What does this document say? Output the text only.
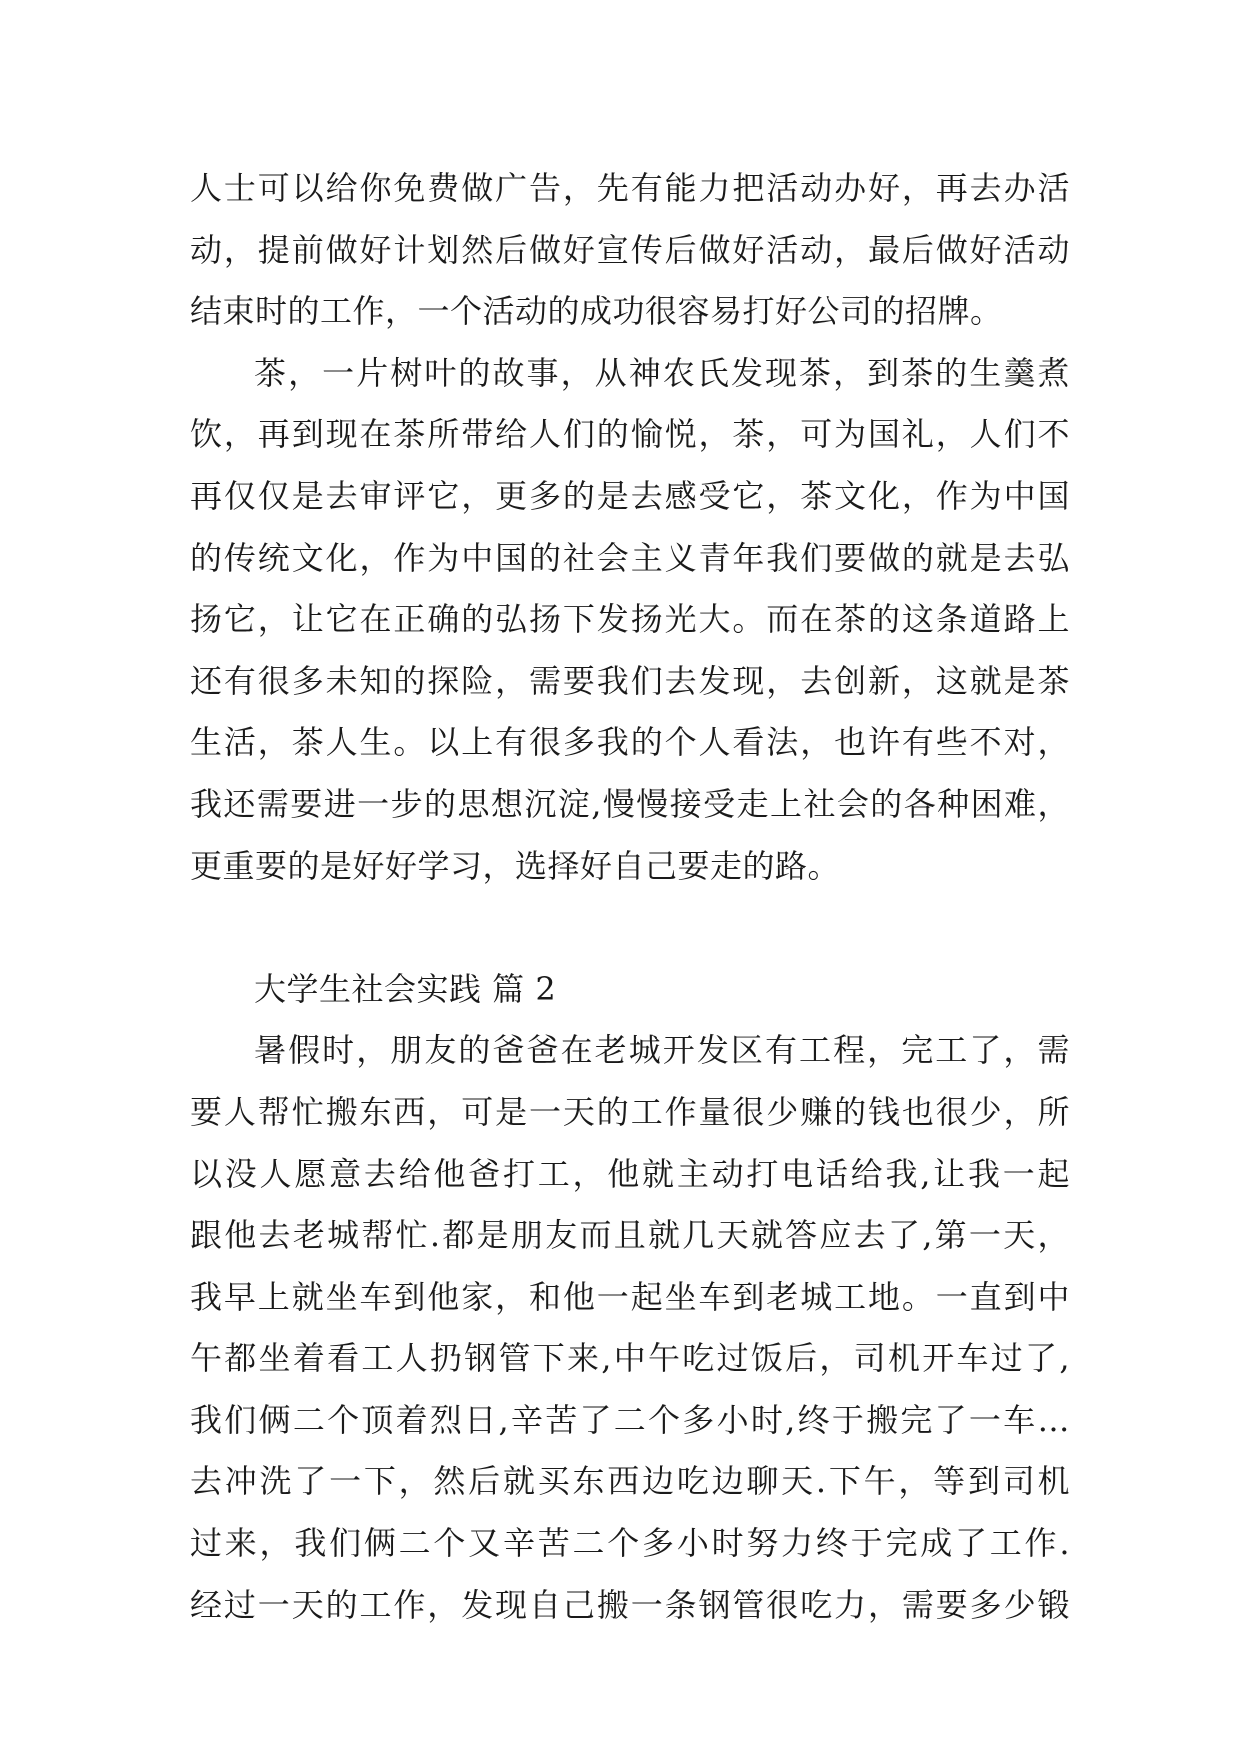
人士可以给你免费做广告，先有能力把活动办好，再去办活
动，提前做好计划然后做好宣传后做好活动，最后做好活动
结束时的工作，一个活动的成功很容易打好公司的招牌。
茶，一片树叶的故事，从神农氏发现茶，到茶的生羹煮
饮，再到现在茶所带给人们的愉悦，茶，可为国礼，人们不
再仅仅是去审评它，更多的是去感受它，茶文化，作为中国
的传统文化，作为中国的社会主义青年我们要做的就是去弘
扬它，让它在正确的弘扬下发扬光大。而在茶的这条道路上
还有很多未知的探险，需要我们去发现，去创新，这就是茶
生活，茶人生。以上有很多我的个人看法，也许有些不对，
我还需要进一步的思想沉淀,慢慢接受走上社会的各种困难，
更重要的是好好学习，选择好自己要走的路。
大学生社会实践 篇 2
暑假时，朋友的爸爸在老城开发区有工程，完工了，需
要人帮忙搬东西，可是一天的工作量很少赚的钱也很少，所
以没人愿意去给他爸打工，他就主动打电话给我,让我一起
跟他去老城帮忙.都是朋友而且就几天就答应去了,第一天，
我早上就坐车到他家，和他一起坐车到老城工地。一直到中
午都坐着看工人扔钢管下来,中午吃过饭后，司机开车过了,
我们俩二个顶着烈日,辛苦了二个多小时,终于搬完了一车…
去冲洗了一下，然后就买东西边吃边聊天.下午，等到司机
过来，我们俩二个又辛苦二个多小时努力终于完成了工作.
经过一天的工作，发现自己搬一条钢管很吃力，需要多少锻
